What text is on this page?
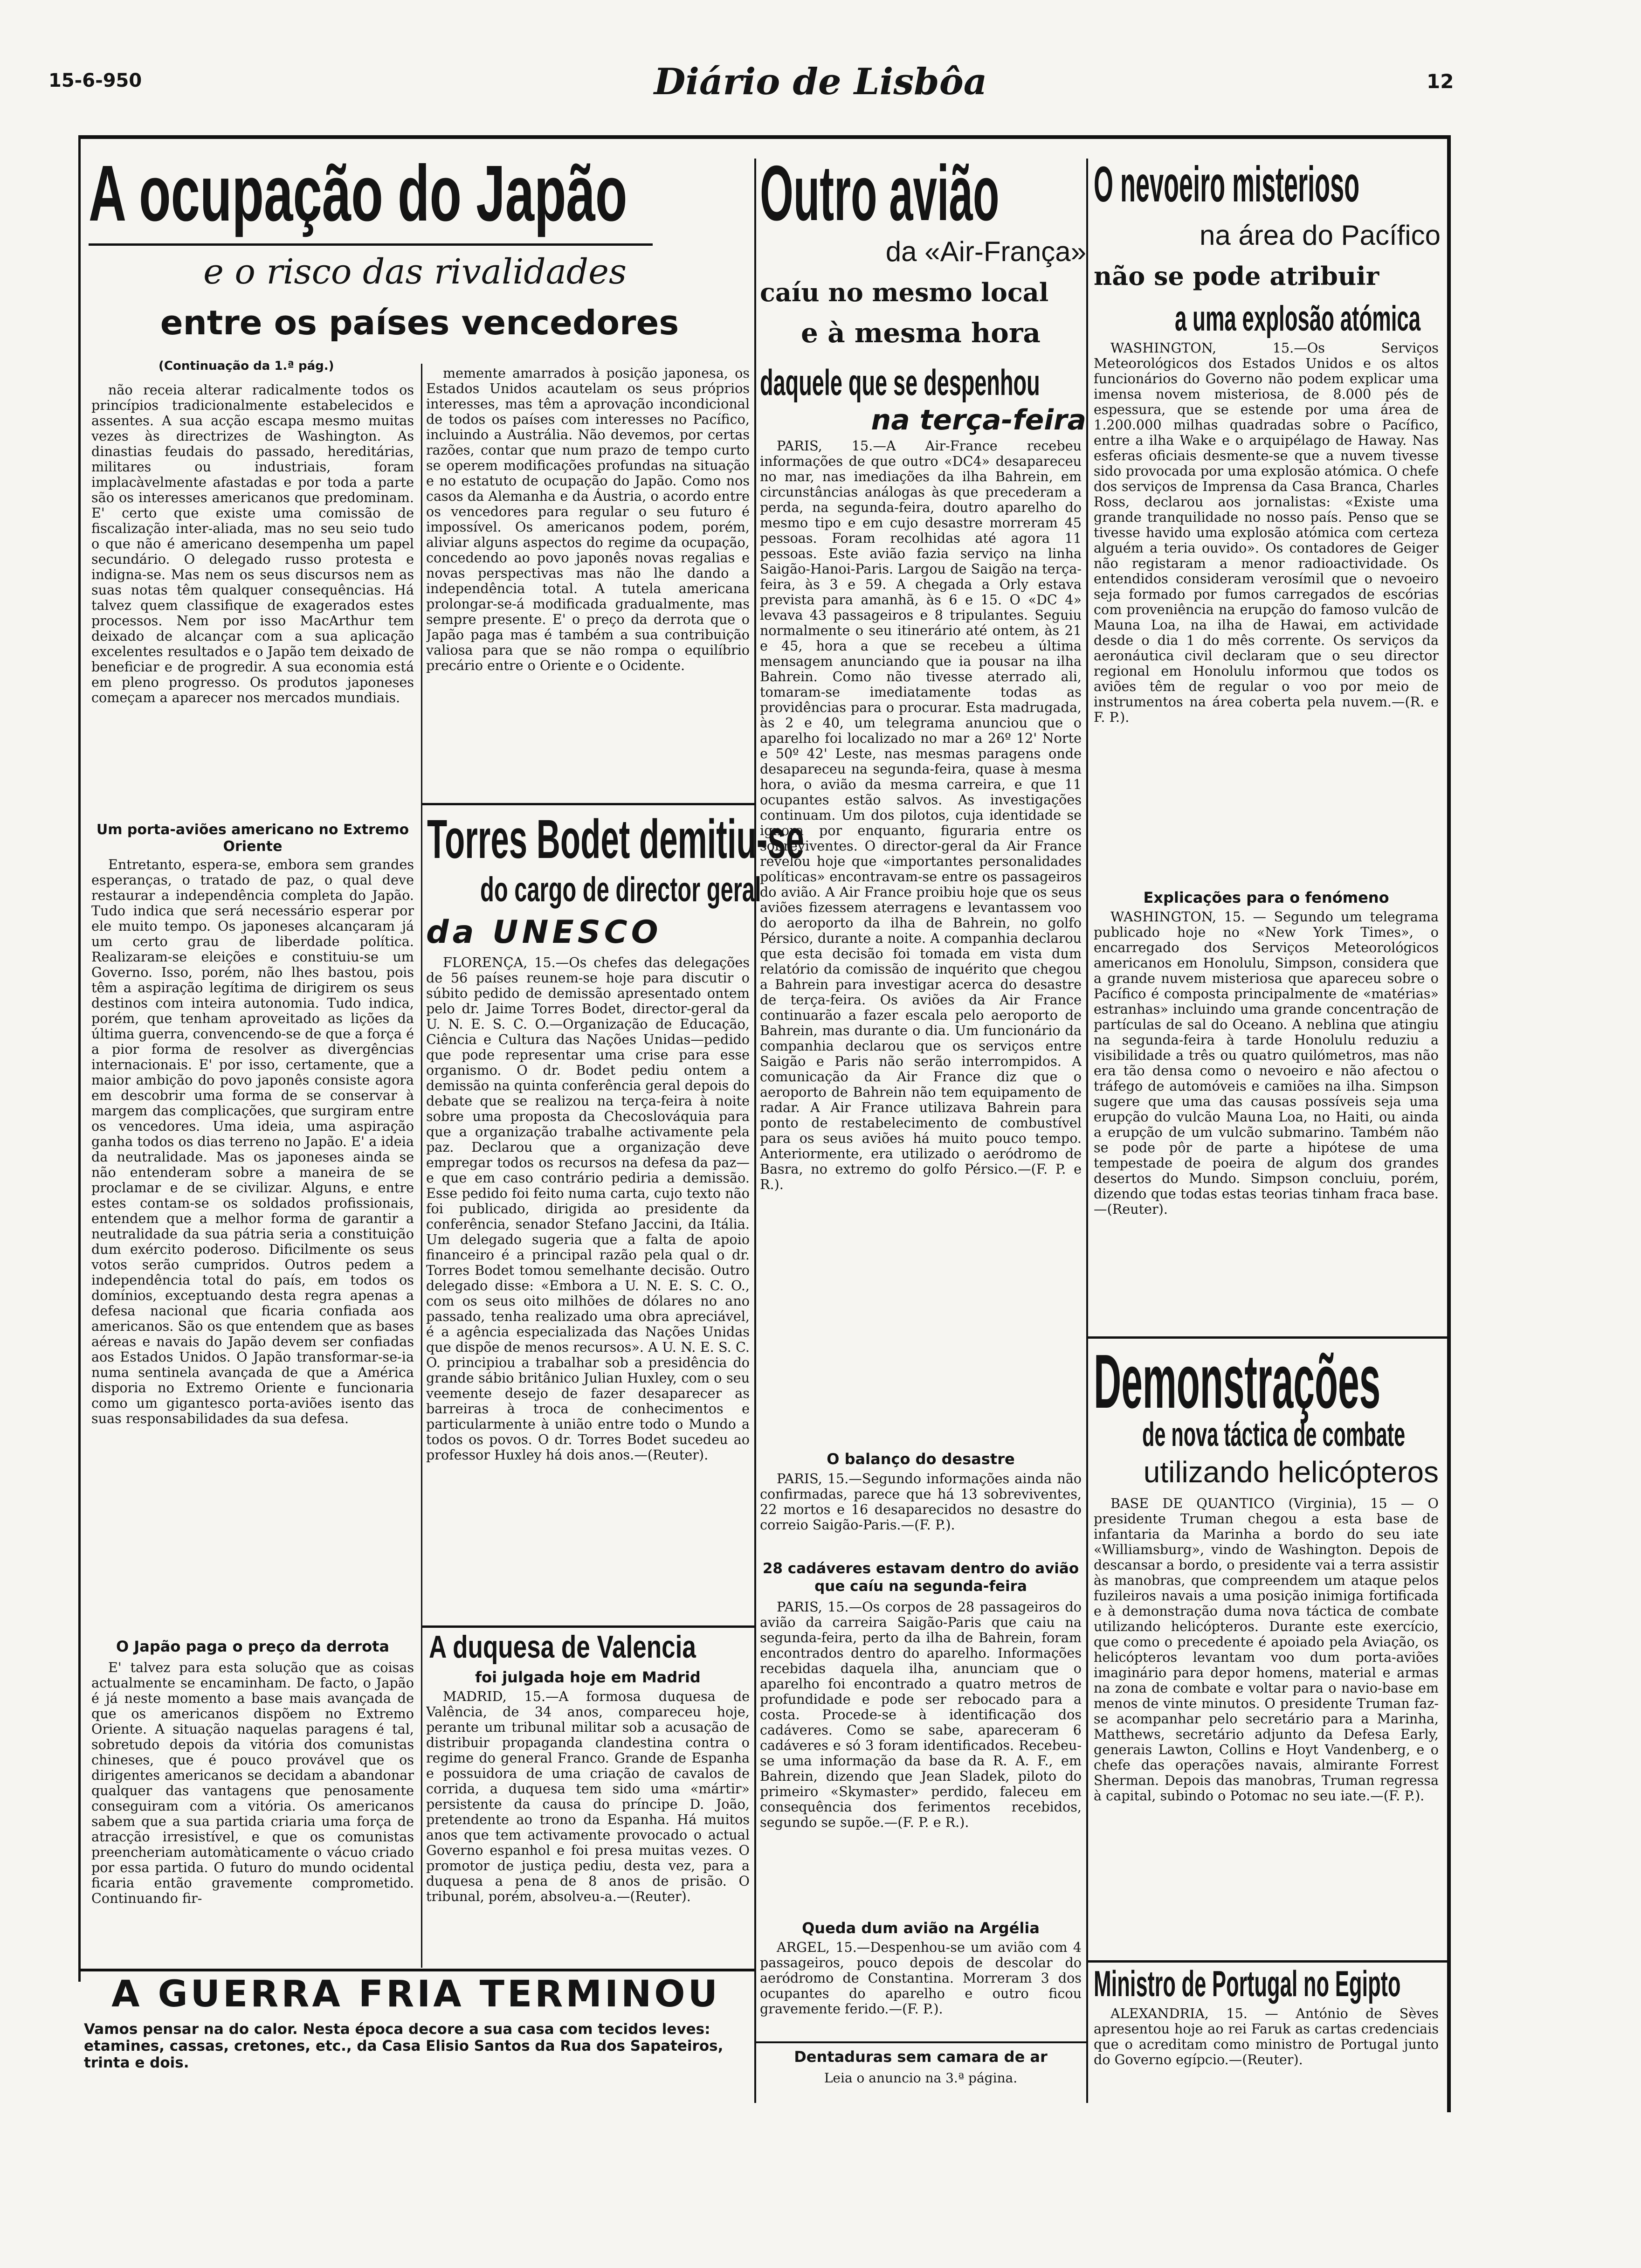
15-6-950	Diário de Lisbôa	12
A ocupação do Japão
e o risco das rivalidades
entre os países vencedores
(Continuação da 1.ª pág.)

não receia alterar radicalmente todos os princípios tradicionalmente estabelecidos e assentes. A sua acção escapa mesmo muitas vezes às directrizes de Washington. As dinastias feudais do passado, hereditárias, militares ou industriais, foram implacàvelmente afastadas e por toda a parte são os interesses americanos que predominam. E' certo que existe uma comissão de fiscalização inter-aliada, mas no seu seio tudo o que não é americano desempenha um papel secundário. O delegado russo protesta e indigna-se. Mas nem os seus discursos nem as suas notas têm qualquer consequências. Há talvez quem classifique de exagerados estes processos. Nem por isso MacArthur tem deixado de alcançar com a sua aplicação excelentes resultados e o Japão tem deixado de beneficiar e de progredir. A sua economia está em pleno progresso. Os produtos japoneses começam a aparecer nos mercados mundiais.

Um porta-aviões americano no Extremo Oriente

Entretanto, espera-se, embora sem grandes esperanças, o tratado de paz, o qual deve restaurar a independência completa do Japão. Tudo indica que será necessário esperar por ele muito tempo. Os japoneses alcançaram já um certo grau de liberdade política. Realizaram-se eleições e constituiu-se um Governo. Isso, porém, não lhes bastou, pois têm a aspiração legítima de dirigirem os seus destinos com inteira autonomia. Tudo indica, porém, que tenham aproveitado as lições da última guerra, convencendo-se de que a força é a pior forma de resolver as divergências internacionais. E' por isso, certamente, que a maior ambição do povo japonês consiste agora em descobrir uma forma de se conservar à margem das complicações, que surgiram entre os vencedores. Uma ideia, uma aspiração ganha todos os dias terreno no Japão. E' a ideia da neutralidade. Mas os japoneses ainda se não entenderam sobre a maneira de se proclamar e de se civilizar. Alguns, e entre estes contam-se os soldados profissionais, entendem que a melhor forma de garantir a neutralidade da sua pátria seria a constituição dum exército poderoso. Dificilmente os seus votos serão cumpridos. Outros pedem a independência total do país, em todos os domínios, exceptuando desta regra apenas a defesa nacional que ficaria confiada aos americanos. São os que entendem que as bases aéreas e navais do Japão devem ser confiadas aos Estados Unidos. O Japão transformar-se-ia numa sentinela avançada de que a América disporia no Extremo Oriente e funcionaria como um gigantesco porta-aviões isento das suas responsabilidades da sua defesa.

O Japão paga o preço da derrota

E' talvez para esta solução que as coisas actualmente se encaminham. De facto, o Japão é já neste momento a base mais avançada de que os americanos dispõem no Extremo Oriente. A situação naquelas paragens é tal, sobretudo depois da vitória dos comunistas chineses, que é pouco provável que os dirigentes americanos se decidam a abandonar qualquer das vantagens que penosamente conseguiram com a vitória. Os americanos sabem que a sua partida criaria uma força de atracção irresistível, e que os comunistas preencheriam automàticamente o vácuo criado por essa partida. O futuro do mundo ocidental ficaria então gravemente comprometido. Continuando fir-

memente amarrados à posição japonesa, os Estados Unidos acautelam os seus próprios interesses, mas têm a aprovação incondicional de todos os países com interesses no Pacífico, incluindo a Austrália. Não devemos, por certas razões, contar que num prazo de tempo curto se operem modificações profundas na situação e no estatuto de ocupação do Japão. Como nos casos da Alemanha e da Áustria, o acordo entre os vencedores para regular o seu futuro é impossível. Os americanos podem, porém, aliviar alguns aspectos do regime da ocupação, concedendo ao povo japonês novas regalias e novas perspectivas mas não lhe dando a independência total. A tutela americana prolongar-se-á modificada gradualmente, mas sempre presente. E' o preço da derrota que o Japão paga mas é também a sua contribuição valiosa para que se não rompa o equilíbrio precário entre o Oriente e o Ocidente.

Torres Bodet demitiu-se
do cargo de director geral
da UNESCO

FLORENÇA, 15.—Os chefes das delegações de 56 países reunem-se hoje para discutir o súbito pedido de demissão apresentado ontem pelo dr. Jaime Torres Bodet, director-geral da U. N. E. S. C. O.—Organização de Educação, Ciência e Cultura das Nações Unidas—pedido que pode representar uma crise para esse organismo. O dr. Bodet pediu ontem a demissão na quinta conferência geral depois do debate que se realizou na terça-feira à noite sobre uma proposta da Checoslováquia para que a organização trabalhe activamente pela paz. Declarou que a organização deve empregar todos os recursos na defesa da paz—e que em caso contrário pediria a demissão. Esse pedido foi feito numa carta, cujo texto não foi publicado, dirigida ao presidente da conferência, senador Stefano Jaccini, da Itália. Um delegado sugeria que a falta de apoio financeiro é a principal razão pela qual o dr. Torres Bodet tomou semelhante decisão. Outro delegado disse: «Embora a U. N. E. S. C. O., com os seus oito milhões de dólares no ano passado, tenha realizado uma obra apreciável, é a agência especializada das Nações Unidas que dispõe de menos recursos». A U. N. E. S. C. O. principiou a trabalhar sob a presidência do grande sábio britânico Julian Huxley, com o seu veemente desejo de fazer desaparecer as barreiras à troca de conhecimentos e particularmente à união entre todo o Mundo a todos os povos. O dr. Torres Bodet sucedeu ao professor Huxley há dois anos.—(Reuter).

A duquesa de Valencia
foi julgada hoje em Madrid

MADRID, 15.—A formosa duquesa de Valência, de 34 anos, compareceu hoje, perante um tribunal militar sob a acusação de distribuir propaganda clandestina contra o regime do general Franco. Grande de Espanha e possuidora de uma criação de cavalos de corrida, a duquesa tem sido uma «mártir» persistente da causa do príncipe D. João, pretendente ao trono da Espanha. Há muitos anos que tem activamente provocado o actual Governo espanhol e foi presa muitas vezes. O promotor de justiça pediu, desta vez, para a duquesa a pena de 8 anos de prisão. O tribunal, porém, absolveu-a.—(Reuter).

A GUERRA FRIA TERMINOU
Vamos pensar na do calor. Nesta época decore a sua casa com tecidos leves: etamines, cassas, cretones, etc., da Casa Elisio Santos da Rua dos Sapateiros, trinta e dois.
Outro avião
da «Air-França»
caíu no mesmo local
e à mesma hora
daquele que se despenhou
na terça-feira

PARIS, 15.—A Air-France recebeu informações de que outro «DC4» desapareceu no mar, nas imediações da ilha Bahrein, em circunstâncias análogas às que precederam a perda, na segunda-feira, doutro aparelho do mesmo tipo e em cujo desastre morreram 45 pessoas. Foram recolhidas até agora 11 pessoas. Este avião fazia serviço na linha Saigão-Hanoi-Paris. Largou de Saigão na terça-feira, às 3 e 59. A chegada a Orly estava prevista para amanhã, às 6 e 15. O «DC 4» levava 43 passageiros e 8 tripulantes. Seguiu normalmente o seu itinerário até ontem, às 21 e 45, hora a que se recebeu a última mensagem anunciando que ia pousar na ilha Bahrein. Como não tivesse aterrado ali, tomaram-se imediatamente todas as providências para o procurar. Esta madrugada, às 2 e 40, um telegrama anunciou que o aparelho foi localizado no mar a 26º 12' Norte e 50º 42' Leste, nas mesmas paragens onde desapareceu na segunda-feira, quase à mesma hora, o avião da mesma carreira, e que 11 ocupantes estão salvos. As investigações continuam. Um dos pilotos, cuja identidade se ignora por enquanto, figuraria entre os sobreviventes. O director-geral da Air France revelou hoje que «importantes personalidades políticas» encontravam-se entre os passageiros do avião. A Air France proibiu hoje que os seus aviões fizessem aterragens e levantassem voo do aeroporto da ilha de Bahrein, no golfo Pérsico, durante a noite. A companhia declarou que esta decisão foi tomada em vista dum relatório da comissão de inquérito que chegou a Bahrein para investigar acerca do desastre de terça-feira. Os aviões da Air France continuarão a fazer escala pelo aeroporto de Bahrein, mas durante o dia. Um funcionário da companhia declarou que os serviços entre Saigão e Paris não serão interrompidos. A comunicação da Air France diz que o aeroporto de Bahrein não tem equipamento de radar. A Air France utilizava Bahrein para ponto de restabelecimento de combustível para os seus aviões há muito pouco tempo. Anteriormente, era utilizado o aeródromo de Basra, no extremo do golfo Pérsico.—(F. P. e R.).

O balanço do desastre

PARIS, 15.—Segundo informações ainda não confirmadas, parece que há 13 sobreviventes, 22 mortos e 16 desaparecidos no desastre do correio Saigão-Paris.—(F. P.).

28 cadáveres estavam dentro do avião que caíu na segunda-feira

PARIS, 15.—Os corpos de 28 passageiros do avião da carreira Saigão-Paris que caiu na segunda-feira, perto da ilha de Bahrein, foram encontrados dentro do aparelho. Informações recebidas daquela ilha, anunciam que o aparelho foi encontrado a quatro metros de profundidade e pode ser rebocado para a costa. Procede-se à identificação dos cadáveres. Como se sabe, apareceram 6 cadáveres e só 3 foram identificados. Recebeu-se uma informação da base da R. A. F., em Bahrein, dizendo que Jean Sladek, piloto do primeiro «Skymaster» perdido, faleceu em consequência dos ferimentos recebidos, segundo se supõe.—(F. P. e R.).

Queda dum avião na Argélia

ARGEL, 15.—Despenhou-se um avião com 4 passageiros, pouco depois de descolar do aeródromo de Constantina. Morreram 3 dos ocupantes do aparelho e outro ficou gravemente ferido.—(F. P.).

Dentaduras sem camara de ar
Leia o anuncio na 3.ª página.
O nevoeiro misterioso
na área do Pacífico
não se pode atribuir
a uma explosão atómica

WASHINGTON, 15.—Os Serviços Meteorológicos dos Estados Unidos e os altos funcionários do Governo não podem explicar uma imensa novem misteriosa, de 8.000 pés de espessura, que se estende por uma área de 1.200.000 milhas quadradas sobre o Pacífico, entre a ilha Wake e o arquipélago de Haway. Nas esferas oficiais desmente-se que a nuvem tivesse sido provocada por uma explosão atómica. O chefe dos serviços de Imprensa da Casa Branca, Charles Ross, declarou aos jornalistas: «Existe uma grande tranquilidade no nosso país. Penso que se tivesse havido uma explosão atómica com certeza alguém a teria ouvido». Os contadores de Geiger não registaram a menor radioactividade. Os entendidos consideram verosímil que o nevoeiro seja formado por fumos carregados de escórias com proveniência na erupção do famoso vulcão de Mauna Loa, na ilha de Hawai, em actividade desde o dia 1 do mês corrente. Os serviços da aeronáutica civil declaram que o seu director regional em Honolulu informou que todos os aviões têm de regular o voo por meio de instrumentos na área coberta pela nuvem.—(R. e F. P.).

Explicações para o fenómeno

WASHINGTON, 15. — Segundo um telegrama publicado hoje no «New York Times», o encarregado dos Serviços Meteorológicos americanos em Honolulu, Simpson, considera que a grande nuvem misteriosa que apareceu sobre o Pacífico é composta principalmente de «matérias» estranhas» incluindo uma grande concentração de partículas de sal do Oceano. A neblina que atingiu na segunda-feira à tarde Honolulu reduziu a visibilidade a três ou quatro quilómetros, mas não era tão densa como o nevoeiro e não afectou o tráfego de automóveis e camiões na ilha. Simpson sugere que uma das causas possíveis seja uma erupção do vulcão Mauna Loa, no Haiti, ou ainda a erupção de um vulcão submarino. Também não se pode pôr de parte a hipótese de uma tempestade de poeira de algum dos grandes desertos do Mundo. Simpson concluiu, porém, dizendo que todas estas teorias tinham fraca base.—(Reuter).

Demonstrações
de nova táctica de combate
utilizando helicópteros

BASE DE QUANTICO (Virginia), 15 — O presidente Truman chegou a esta base de infantaria da Marinha a bordo do seu iate «Williamsburg», vindo de Washington. Depois de descansar a bordo, o presidente vai a terra assistir às manobras, que compreendem um ataque pelos fuzileiros navais a uma posição inimiga fortificada e à demonstração duma nova táctica de combate utilizando helicópteros. Durante este exercício, que como o precedente é apoiado pela Aviação, os helicópteros levantam voo dum porta-aviões imaginário para depor homens, material e armas na zona de combate e voltar para o navio-base em menos de vinte minutos. O presidente Truman faz-se acompanhar pelo secretário para a Marinha, Matthews, secretário adjunto da Defesa Early, generais Lawton, Collins e Hoyt Vandenberg, e o chefe das operações navais, almirante Forrest Sherman. Depois das manobras, Truman regressa à capital, subindo o Potomac no seu iate.—(F. P.).

Ministro de Portugal no Egipto

ALEXANDRIA, 15. — António de Sèves apresentou hoje ao rei Faruk as cartas credenciais que o acreditam como ministro de Portugal junto do Governo egípcio.—(Reuter).
